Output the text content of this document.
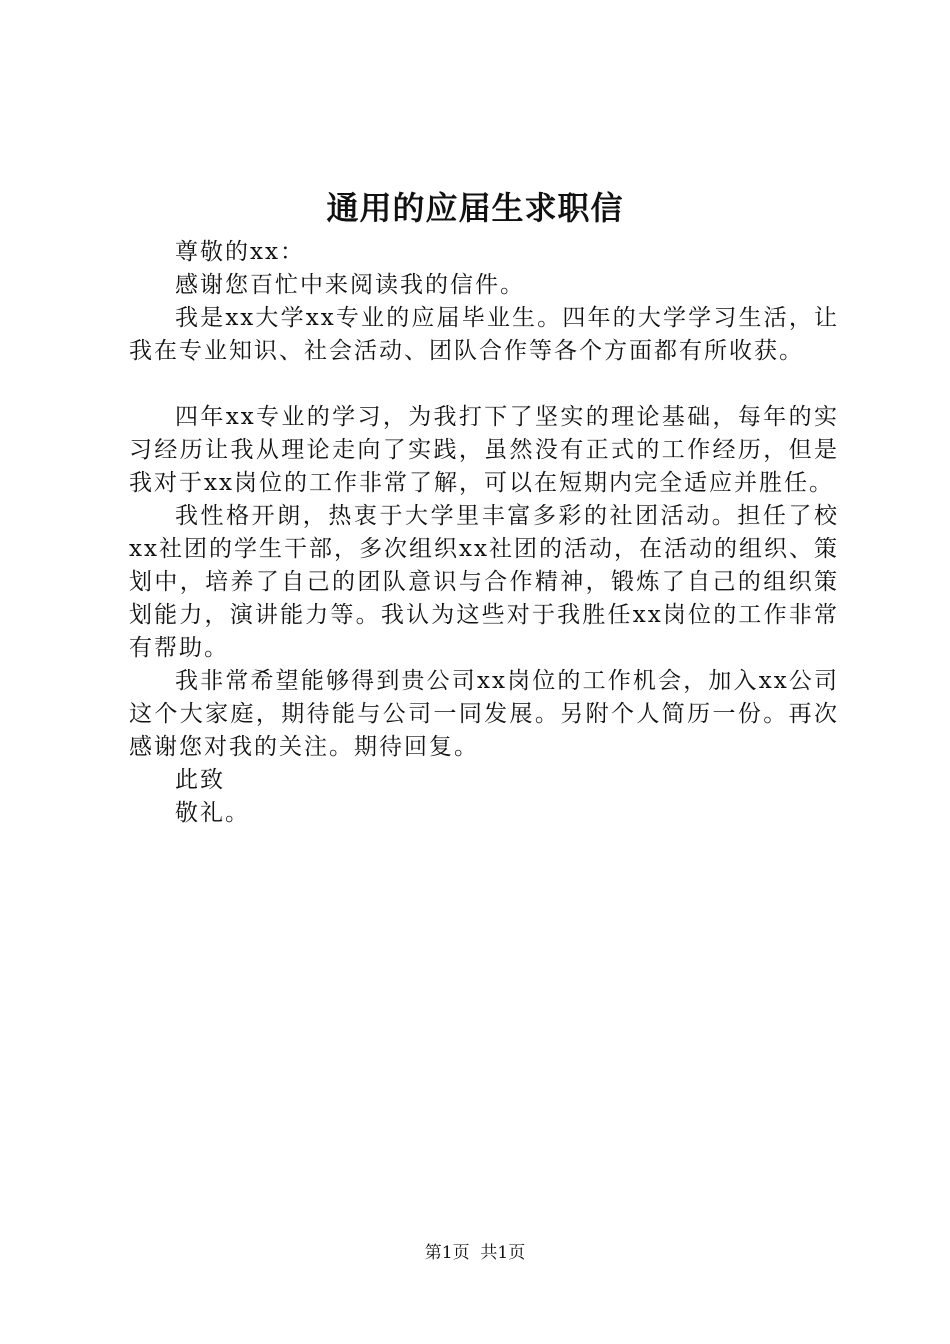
通用的应届生求职信

尊敬的xx：

感谢您百忙中来阅读我的信件。

我是xx大学xx专业的应届毕业生。四年的大学学习生活，让我在专业知识、社会活动、团队合作等各个方面都有所收获。

四年xx专业的学习，为我打下了坚实的理论基础，每年的实习经历让我从理论走向了实践，虽然没有正式的工作经历，但是我对于xx岗位的工作非常了解，可以在短期内完全适应并胜任。

我性格开朗，热衷于大学里丰富多彩的社团活动。担任了校xx社团的学生干部，多次组织xx社团的活动，在活动的组织、策划中，培养了自己的团队意识与合作精神，锻炼了自己的组织策划能力，演讲能力等。我认为这些对于我胜任xx岗位的工作非常有帮助。

我非常希望能够得到贵公司xx岗位的工作机会，加入xx公司这个大家庭，期待能与公司一同发展。另附个人简历一份。再次感谢您对我的关注。期待回复。

此致

敬礼。

第1页 共1页
